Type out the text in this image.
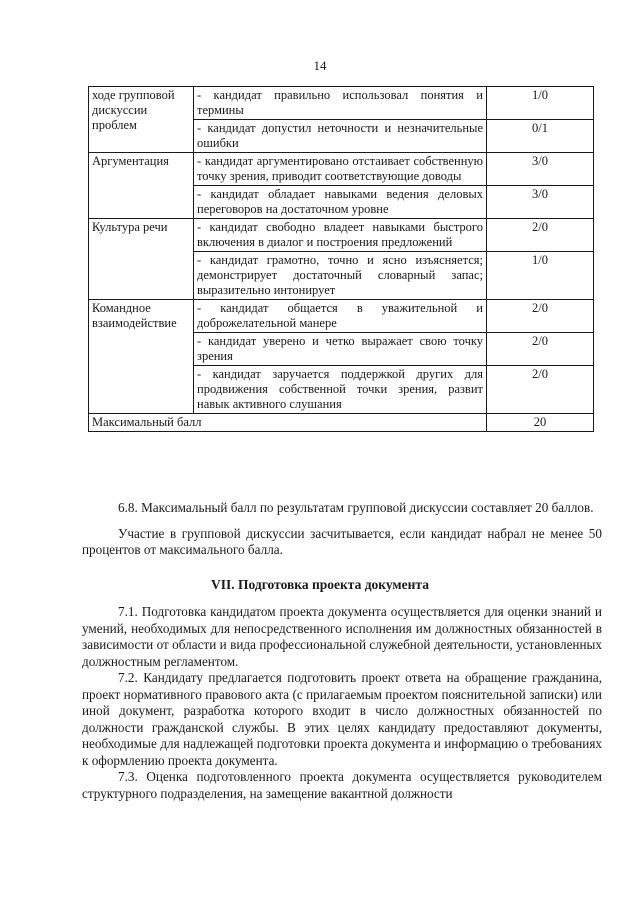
14
ходе групповой дискуссии проблем	- кандидат правильно использовал понятия и термины	1/0
	- кандидат допустил неточности и незначительные ошибки	0/1
Аргументация	- кандидат аргументировано отстаивает собственную точку зрения, приводит соответствующие доводы	3/0
	- кандидат обладает навыками ведения деловых переговоров на достаточном уровне	3/0
Культура речи	- кандидат свободно владеет навыками быстрого включения в диалог и построения предложений	2/0
	- кандидат грамотно, точно и ясно изъясняется; демонстрирует достаточный словарный запас; выразительно интонирует	1/0
Командное взаимодействие	- кандидат общается в уважительной и доброжелательной манере	2/0
	- кандидат уверено и четко выражает свою точку зрения	2/0
	- кандидат заручается поддержкой других для продвижения собственной точки зрения, развит навык активного слушания	2/0
Максимальный балл		20

6.8. Максимальный балл по результатам групповой дискуссии составляет 20 баллов.

Участие в групповой дискуссии засчитывается, если кандидат набрал не менее 50 процентов от максимального балла.

VII. Подготовка проекта документа

7.1. Подготовка кандидатом проекта документа осуществляется для оценки знаний и умений, необходимых для непосредственного исполнения им должностных обязанностей в зависимости от области и вида профессиональной служебной деятельности, установленных должностным регламентом.

7.2. Кандидату предлагается подготовить проект ответа на обращение гражданина, проект нормативного правового акта (с прилагаемым проектом пояснительной записки) или иной документ, разработка которого входит в число должностных обязанностей по должности гражданской службы. В этих целях кандидату предоставляют документы, необходимые для надлежащей подготовки проекта документа и информацию о требованиях к оформлению проекта документа.

7.3. Оценка подготовленного проекта документа осуществляется руководителем структурного подразделения, на замещение вакантной должности
